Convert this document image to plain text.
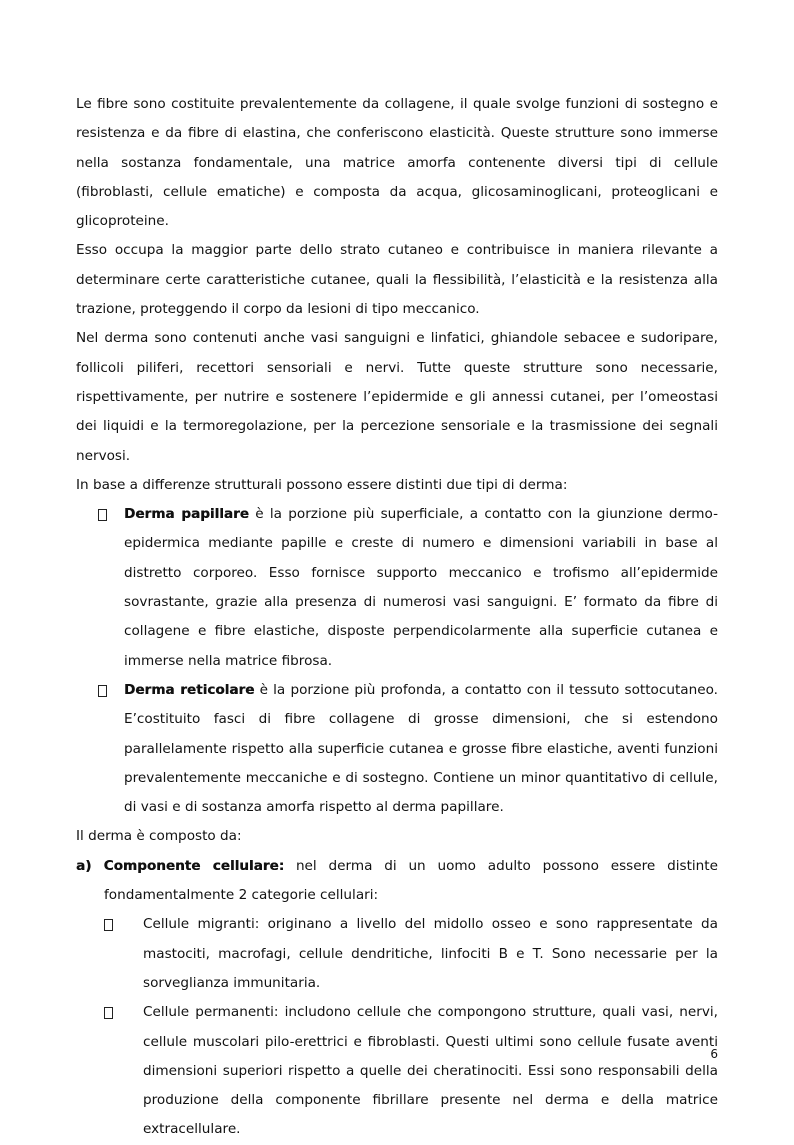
Le fibre sono costituite prevalentemente da collagene, il quale svolge funzioni di sostegno e resistenza e da fibre di elastina, che conferiscono elasticità. Queste strutture sono immerse nella sostanza fondamentale, una matrice amorfa contenente diversi tipi di cellule (fibroblasti, cellule ematiche) e composta da acqua, glicosaminoglicani, proteoglicani e glicoproteine.

Esso occupa la maggior parte dello strato cutaneo e contribuisce in maniera rilevante a determinare certe caratteristiche cutanee, quali la flessibilità, l’elasticità e la resistenza alla trazione, proteggendo il corpo da lesioni di tipo meccanico.

Nel derma sono contenuti anche vasi sanguigni e linfatici, ghiandole sebacee e sudoripare, follicoli piliferi, recettori sensoriali e nervi. Tutte queste strutture sono necessarie, rispettivamente, per nutrire e sostenere l’epidermide e gli annessi cutanei, per l’omeostasi dei liquidi e la termoregolazione, per la percezione sensoriale e la trasmissione dei segnali nervosi.

In base a differenze strutturali possono essere distinti due tipi di derma:

Derma papillare è la porzione più superficiale, a contatto con la giunzione dermo-epidermica mediante papille e creste di numero e dimensioni variabili in base al distretto corporeo. Esso fornisce supporto meccanico e trofismo all’epidermide sovrastante, grazie alla presenza di numerosi vasi sanguigni. E’ formato da fibre di collagene e fibre elastiche, disposte perpendicolarmente alla superficie cutanea e immerse nella matrice fibrosa.
Derma reticolare è la porzione più profonda, a contatto con il tessuto sottocutaneo. E’costituito fasci di fibre collagene di grosse dimensioni, che si estendono parallelamente rispetto alla superficie cutanea e grosse fibre elastiche, aventi funzioni prevalentemente meccaniche e di sostegno. Contiene un minor quantitativo di cellule, di vasi e di sostanza amorfa rispetto al derma papillare.

Il derma è composto da:

a) Componente cellulare: nel derma di un uomo adulto possono essere distinte fondamentalmente 2 categorie cellulari:
Cellule migranti: originano a livello del midollo osseo e sono rappresentate da mastociti, macrofagi, cellule dendritiche, linfociti B e T. Sono necessarie per la sorveglianza immunitaria.
Cellule permanenti: includono cellule che compongono strutture, quali vasi, nervi, cellule muscolari pilo-erettrici e fibroblasti. Questi ultimi sono cellule fusate aventi dimensioni superiori rispetto a quelle dei cheratinociti. Essi sono responsabili della produzione della componente fibrillare presente nel derma e della matrice extracellulare.
6
